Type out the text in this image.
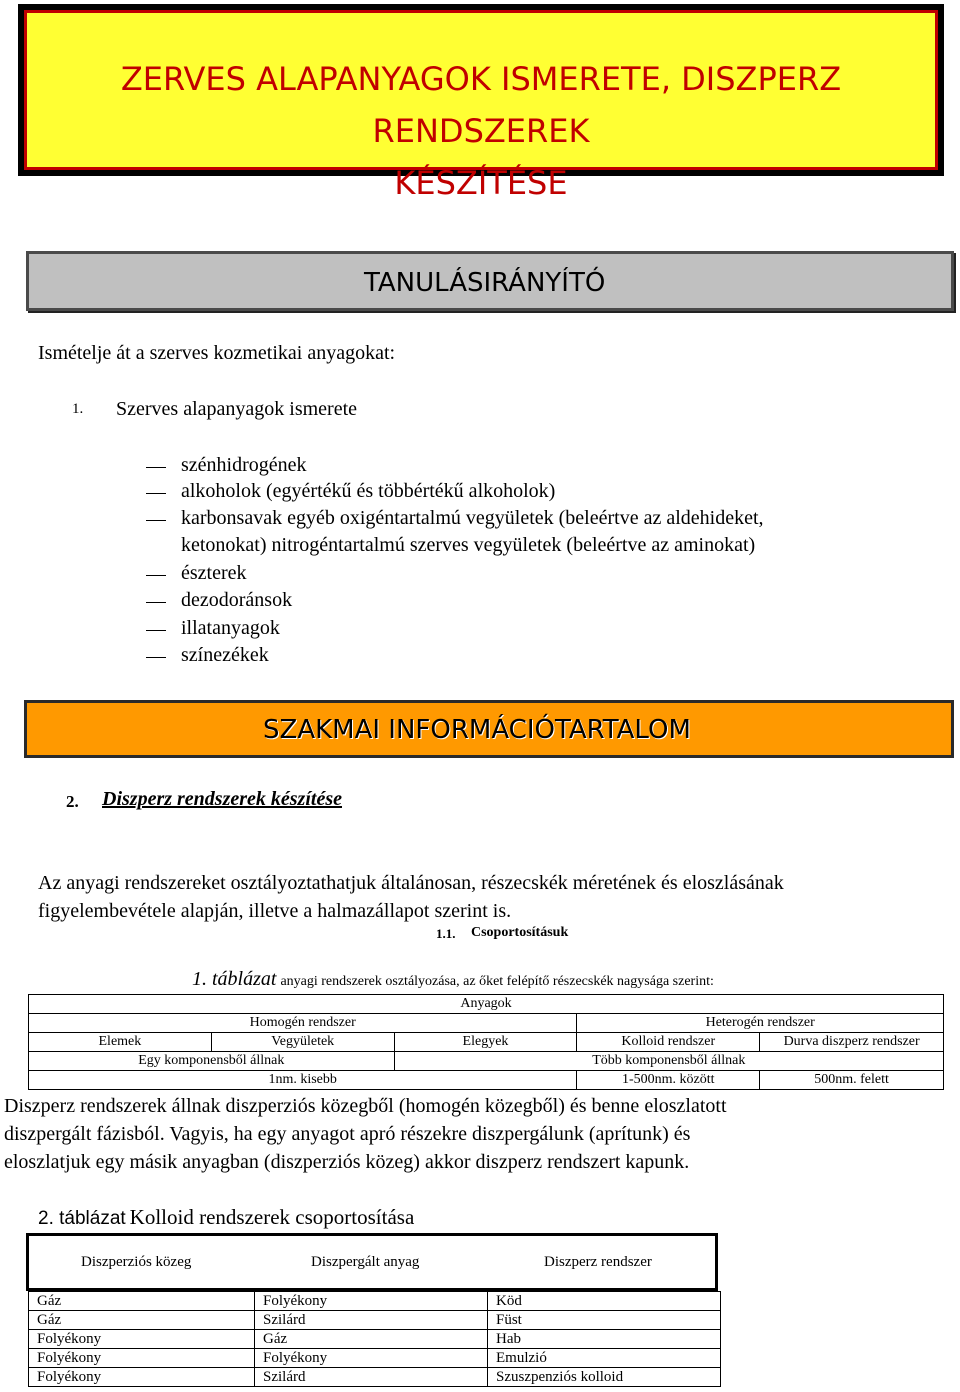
ZERVES ALAPANYAGOK ISMERETE, DISZPERZ RENDSZEREK
KÉSZÍTÉSE
TANULÁSIRÁNYÍTÓ
Ismételje át a szerves kozmetikai anyagokat:
1. Szerves alapanyagok ismerete
szénhidrogének
alkoholok (egyértékű és többértékű alkoholok)
karbonsavak egyéb oxigéntartalmú vegyületek (beleértve az aldehideket,
ketonokat) nitrogéntartalmú szerves vegyületek (beleértve az aminokat)
észterek
dezodoránsok
illatanyagok
színezékek
SZAKMAI INFORMÁCIÓTARTALOM
2. Diszperz rendszerek készítése
Az anyagi rendszereket osztályoztathatjuk általánosan, részecskék méretének és eloszlásának
figyelembevétele alapján, illetve a halmazállapot szerint is.
1.1. Csoportosításuk
1. táblázat anyagi rendszerek osztályozása, az őket felépítő részecskék nagysága szerint:
Anyagok				
Homogén rendszer			Heterogén rendszer	
Elemek	Vegyületek	Elegyek	Kolloid rendszer	Durva diszperz rendszer
Egy komponensből állnak		Több komponensből állnak		
1nm. kisebb			1-500nm. között	500nm. felett
Diszperz rendszerek állnak diszperziós közegből (homogén közegből) és benne eloszlatott
diszpergált fázisból. Vagyis, ha egy anyagot apró részekre diszpergálunk (aprítunk) és
eloszlatjuk egy másik anyagban (diszperziós közeg) akkor diszperz rendszert kapunk.
2. táblázat Kolloid rendszerek csoportosítása
Diszperziós közeg	Diszpergált anyag	Diszperz rendszer
Gáz	Folyékony	Köd
Gáz	Szilárd	Füst
Folyékony	Gáz	Hab
Folyékony	Folyékony	Emulzió
Folyékony	Szilárd	Szuszpenziós kolloid
